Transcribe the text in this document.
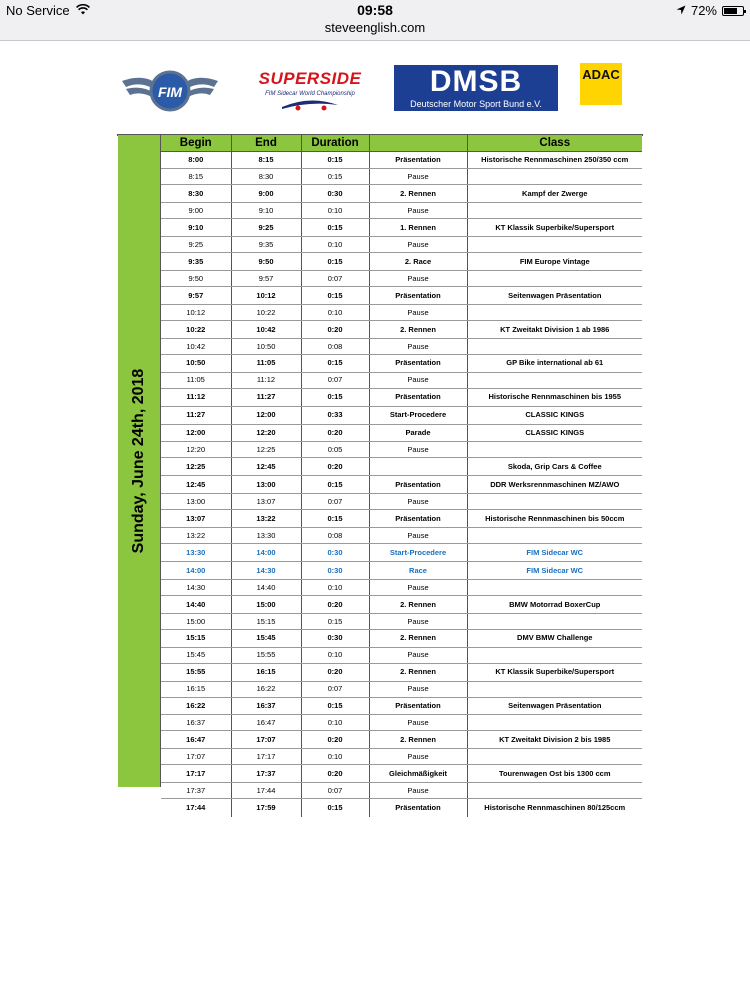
No Service	09:58	72%
steveenglish.com
FIM
SUPERSIDE
FIM Sidecar World Championship	DMSB
Deutscher Motor Sport Bund e.V.
ADAC
Sunday, June 24th, 2018
Begin	End	Duration		Class
8:00	8:15	0:15	Präsentation	Historische Rennmaschinen 250/350 ccm
8:15	8:30	0:15	Pause	
8:30	9:00	0:30	2. Rennen	Kampf der Zwerge
9:00	9:10	0:10	Pause	
9:10	9:25	0:15	1. Rennen	KT Klassik Superbike/Supersport
9:25	9:35	0:10	Pause	
9:35	9:50	0:15	2. Race	FIM Europe Vintage
9:50	9:57	0:07	Pause	
9:57	10:12	0:15	Präsentation	Seitenwagen Präsentation
10:12	10:22	0:10	Pause	
10:22	10:42	0:20	2. Rennen	KT Zweitakt Division 1 ab 1986
10:42	10:50	0:08	Pause	
10:50	11:05	0:15	Präsentation	GP Bike international ab 61
11:05	11:12	0:07	Pause	
11:12	11:27	0:15	Präsentation	Historische Rennmaschinen bis 1955
11:27	12:00	0:33	Start-Procedere	CLASSIC KINGS
12:00	12:20	0:20	Parade	CLASSIC KINGS
12:20	12:25	0:05	Pause	
12:25	12:45	0:20		Skoda, Grip Cars & Coffee
12:45	13:00	0:15	Präsentation	DDR Werksrennmaschinen MZ/AWO
13:00	13:07	0:07	Pause	
13:07	13:22	0:15	Präsentation	Historische Rennmaschinen bis 50ccm
13:22	13:30	0:08	Pause	
13:30	14:00	0:30	Start-Procedere	FIM Sidecar WC
14:00	14:30	0:30	Race	FIM Sidecar WC
14:30	14:40	0:10	Pause	
14:40	15:00	0:20	2. Rennen	BMW Motorrad BoxerCup
15:00	15:15	0:15	Pause	
15:15	15:45	0:30	2. Rennen	DMV BMW Challenge
15:45	15:55	0:10	Pause	
15:55	16:15	0:20	2. Rennen	KT Klassik Superbike/Supersport
16:15	16:22	0:07	Pause	
16:22	16:37	0:15	Präsentation	Seitenwagen Präsentation
16:37	16:47	0:10	Pause	
16:47	17:07	0:20	2. Rennen	KT Zweitakt Division 2 bis 1985
17:07	17:17	0:10	Pause	
17:17	17:37	0:20	Gleichmäßigkeit	Tourenwagen Ost bis 1300 ccm
17:37	17:44	0:07	Pause	
17:44	17:59	0:15	Präsentation	Historische Rennmaschinen 80/125ccm
